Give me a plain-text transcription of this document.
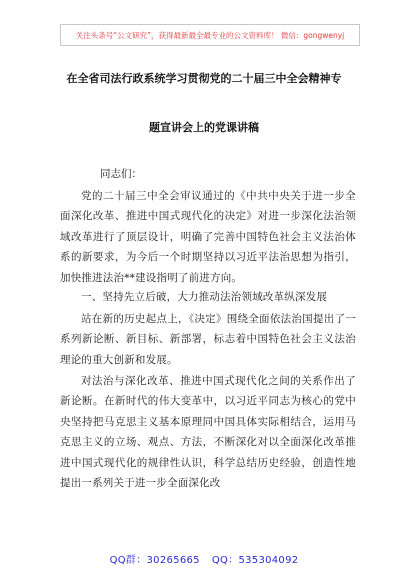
关注头条号“公文研究”，获得最新最全最专业的公文资料库！ 微信：gongwenyj
在全省司法行政系统学习贯彻党的二十届三中全会精神专
题宣讲会上的党课讲稿
同志们：
党的二十届三中全会审议通过的《中共中央关于进一步全面深化改革、推进中国式现代化的决定》对进一步深化法治领域改革进行了顶层设计，明确了完善中国特色社会主义法治体系的新要求，为今后一个时期坚持以习近平法治思想为指引，加快推进法治**建设指明了前进方向。
一、坚持先立后破，大力推动法治领域改革纵深发展
站在新的历史起点上，《决定》围绕全面依法治国提出了一系列新论断、新目标、新部署，标志着中国特色社会主义法治理论的重大创新和发展。
对法治与深化改革、推进中国式现代化之间的关系作出了新论断。在新时代的伟大变革中，以习近平同志为核心的党中央坚持把马克思主义基本原理同中国具体实际相结合，运用马克思主义的立场、观点、方法，不断深化对以全面深化改革推进中国式现代化的规律性认识，科学总结历史经验，创造性地提出一系列关于进一步全面深化改
QQ群：30265665 QQ：535304092
